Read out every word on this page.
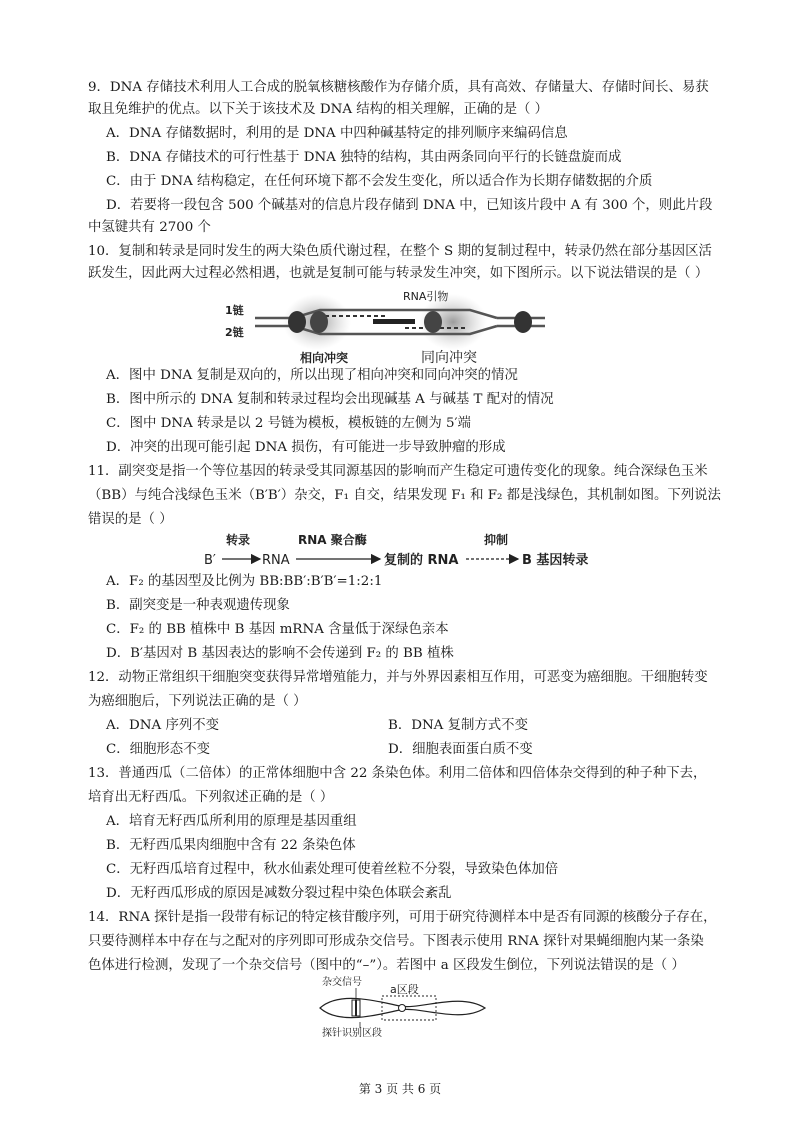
9．DNA 存储技术利用人工合成的脱氧核糖核酸作为存储介质，具有高效、存储量大、存储时间长、易获
取且免维护的优点。以下关于该技术及 DNA 结构的相关理解，正确的是（ ）
A．DNA 存储数据时，利用的是 DNA 中四种碱基特定的排列顺序来编码信息
B．DNA 存储技术的可行性基于 DNA 独特的结构，其由两条同向平行的长链盘旋而成
C．由于 DNA 结构稳定，在任何环境下都不会发生变化，所以适合作为长期存储数据的介质
D．若要将一段包含 500 个碱基对的信息片段存储到 DNA 中，已知该片段中 A 有 300 个，则此片段
中氢键共有 2700 个
10．复制和转录是同时发生的两大染色质代谢过程，在整个 S 期的复制过程中，转录仍然在部分基因区活
跃发生，因此两大过程必然相遇，也就是复制可能与转录发生冲突，如下图所示。以下说法错误的是（ ）
1链
2链
RNA引物
相向冲突	同向冲突
A．图中 DNA 复制是双向的，所以出现了相向冲突和同向冲突的情况
B．图中所示的 DNA 复制和转录过程均会出现碱基 A 与碱基 T 配对的情况
C．图中 DNA 转录是以 2 号链为模板，模板链的左侧为 5′端
D．冲突的出现可能引起 DNA 损伤，有可能进一步导致肿瘤的形成
11．副突变是指一个等位基因的转录受其同源基因的影响而产生稳定可遗传变化的现象。纯合深绿色玉米
（BB）与纯合浅绿色玉米（B′B′）杂交，F₁ 自交，结果发现 F₁ 和 F₂ 都是浅绿色，其机制如图。下列说法
错误的是（ ）
B′
转录
RNA
RNA 聚合酶
复制的 RNA
抑制
B 基因转录
A．F₂ 的基因型及比例为 BB:BB′:B′B′=1:2:1
B．副突变是一种表观遗传现象
C．F₂ 的 BB 植株中 B 基因 mRNA 含量低于深绿色亲本
D．B′基因对 B 基因表达的影响不会传递到 F₂ 的 BB 植株
12．动物正常组织干细胞突变获得异常增殖能力，并与外界因素相互作用，可恶变为癌细胞。干细胞转变
为癌细胞后，下列说法正确的是（ ）
A．DNA 序列不变	B．DNA 复制方式不变
C．细胞形态不变	D．细胞表面蛋白质不变
13．普通西瓜（二倍体）的正常体细胞中含 22 条染色体。利用二倍体和四倍体杂交得到的种子种下去，
培育出无籽西瓜。下列叙述正确的是（ ）
A．培育无籽西瓜所利用的原理是基因重组
B．无籽西瓜果肉细胞中含有 22 条染色体
C．无籽西瓜培育过程中，秋水仙素处理可使着丝粒不分裂，导致染色体加倍
D．无籽西瓜形成的原因是减数分裂过程中染色体联会紊乱
14．RNA 探针是指一段带有标记的特定核苷酸序列，可用于研究待测样本中是否有同源的核酸分子存在，
只要待测样本中存在与之配对的序列即可形成杂交信号。下图表示使用 RNA 探针对果蝇细胞内某一条染
色体进行检测，发现了一个杂交信号（图中的“–”）。若图中 a 区段发生倒位，下列说法错误的是（ ）
杂交信号
a区段
探针识别区段
第 3 页 共 6 页
